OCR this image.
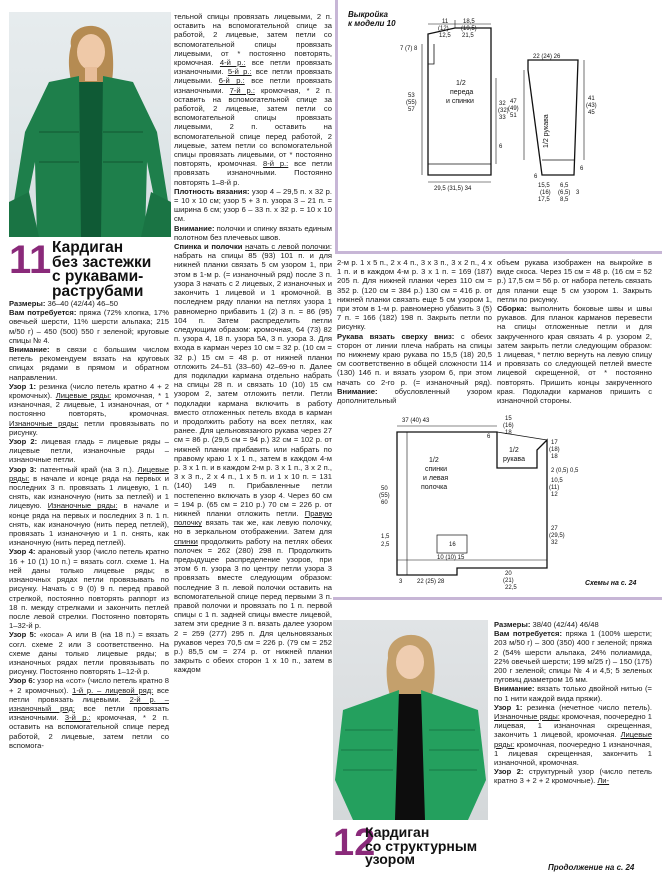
11 Кардиган
без застежки
с рукавами-
раструбами

Размеры: 36–40 (42/44) 46–50

Вам потребуется: пряжа (72% хлопка, 17% овечьей шерсти, 11% шерсти альпака; 215 м/50 г) – 450 (500) 550 г зеленой; круговые спицы № 4.

Внимание: в связи с большим числом петель рекомендуем вязать на круговых спицах рядами в прямом и обратном направлении.

Узор 1: резинка (число петель кратно 4 + 2 кромочных). Лицевые ряды: кромочная, * 1 изнаночная, 2 лицевые, 1 изнаночная, от * постоянно повторять, кромочная. Изнаночные ряды: петли провязывать по рисунку.

Узор 2: лицевая гладь = лицевые ряды – лицевые петли, изнаночные ряды – изнаночные петли.

Узор 3: патентный край (на 3 п.). Лицевые ряды: в начале и конце ряда на первых и последних 3 п. провязать 1 лицевую, 1 п. снять, как изнаночную (нить за петлей) и 1 лицевую. Изнаночные ряды: в начале и конце ряда на первых и последних 3 п. 1 п. снять, как изнаночную (нить перед петлей), провязать 1 изнаночную и 1 п. снять, как изнаночную (нить перед петлей).

Узор 4: арановый узор (число петель кратно 16 + 10 (1) 10 п.) = вязать согл. схеме 1. На ней даны только лицевые ряды; в изнаночных рядах петли провязывать по рисунку. Начать с 9 (0) 9 п. перед правой стрелкой, постоянно повторять раппорт из 18 п. между стрелками и закончить петлей после левой стрелки. Постоянно повторять 1–32-й р.

Узор 5: «коса» А или В (на 18 п.) = вязать согл. схеме 2 или 3 соответственно. На схеме даны только лицевые ряды; в изнаночных рядах петли провязывать по рисунку. Постоянно повторять 1–12-й р.

Узор 6: узор на «сот» (число петель кратно 8 + 2 кромочных). 1-й р. – лицевой ряд: все петли провязать лицевыми. 2-й р. – изнаночный ряд: все петли провязать изнаночными. 3-й р.: кромочная, * 2 п. оставить на вспомогательной спице перед работой, 2 лицевые, затем петли со вспомога-

тельной спицы провязать лицевыми, 2 п. оставить на вспомогательной спице за работой, 2 лицевые, затем петли со вспомогательной спицы провязать лицевыми, от * постоянно повторять, кромочная. 4-й р.: все петли провязать изнаночными. 5-й р.: все петли провязать лицевыми. 6-й р.: все петли провязать изнаночными. 7-й р.: кромочная, * 2 п. оставить на вспомогательной спице за работой, 2 лицевые, затем петли со вспомогательной спицы провязать лицевыми, 2 п. оставить на вспомогательной спице перед работой, 2 лицевые, затем петли со вспомогательной спицы провязать лицевыми, от * постоянно повторять, кромочная. 8-й р.: все петли провязать изнаночными. Постоянно повторять 1–8-й р.

Плотность вязания: узор 4 – 29,5 п. х 32 р. = 10 х 10 см; узор 5 + 3 п. узора 3 – 21 п. = ширина 6 см; узор 6 – 33 п. х 32 р. = 10 х 10 см.

Внимание: полочки и спинку вязать единым полотном без плечевых швов.

Спинка и полочки начать с левой полочки: набрать на спицы 85 (93) 101 п. и для нижней планки связать 5 см узором 1, при этом в 1-м р. (= изнаночный ряд) после 3 п. узора 3 начать с 2 лицевых, 2 изнаночных и закончить 1 лицевой и 1 кромочной. В последнем ряду планки на петлях узора 1 равномерно прибавить 1 (2) 3 п. = 86 (95) 104 п. Затем распределить петли следующим образом: кромочная, 64 (73) 82 п. узора 4, 18 п. узора 5А, 3 п. узора 3. Для входа в карман через 10 см = 32 р. (10 см = 32 р.) 15 см = 48 р. от нижней планки отложить 24–51 (33–60) 42–69-ю п. Далее для подкладки кармана отдельно набрать на спицы 28 п. и связать 10 (10) 15 см узором 2, затем отложить петли. Петли подкладки кармана включить в работу вместо отложенных петель входа в карман и продолжить работу на всех петлях, как ранее. Для цельновязаного рукава через 27 см = 86 р. (29,5 см = 94 р.) 32 см = 102 р. от нижней планки прибавить или набрать по правому краю 1 х 1 п., затем в каждом 4-м р. 3 х 1 п. и в каждом 2-м р. 3 х 1 п., 3 х 2 п., 3 х 3 п., 2 х 4 п., 1 х 5 п. и 1 х 10 п. = 131 (140) 149 п. Прибавленные петли постепенно включать в узор 4. Через 60 см = 194 р. (65 см = 210 р.) 70 см = 226 р. от нижней планки отложить петли. Правую полочку вязать так же, как левую полочку, но в зеркальном отображении. Затем для спинки продолжить работу на петлях обеих полочек = 262 (280) 298 п. Продолжить предыдущее распределение узоров, при этом 6 п. узора 3 по центру петли узора 3 провязать вместе следующим образом: последние 3 п. левой полочки оставить на вспомогательной спице перед первыми 3 п. правой полочки и провязать по 1 п. первой спицы с 1 п. задней спицы вместе лицевой, затем эти средние 3 п. вязать далее узором 2 = 259 (277) 295 п. Для цельновязаных рукавов через 70,5 см = 226 р. (79 см = 252 р.) 85,5 см = 274 р. от нижней планки закрыть с обеих сторон 1 х 10 п., затем в каждом

Выкройка
к модели 10	11
(12)
12,5
18,5
(19,5)
21,5
7 (7) 8
1/2
переда
и спинки
53
(55)
57
32
(32)
33
6
29,5 (31,5) 34
22 (24) 26
1/2 рукава
47
(49)
51
41
(43)
45
6
6
15,5
(16)
17,5
6,5
(6,5)
8,5
3

2-м р. 1 х 5 п., 2 х 4 п., 3 х 3 п., 3 х 2 п., 4 х 1 п. и в каждом 4-м р. 3 х 1 п. = 169 (187) 205 п. Для нижней планки через 110 см = 352 р. (120 см = 384 р.) 130 см = 416 р. от нижней планки связать еще 5 см узором 1, при этом в 1-м р. равномерно убавить 3 (5) 7 п. = 166 (182) 198 п. Закрыть петли по рисунку.

Рукава вязать сверху вниз: с обеих сторон от линии плеча набрать на спицы по нижнему краю рукава по 15,5 (18) 20,5 см соответственно в общей сложности 114 (130) 146 п. и вязать узором 6, при этом начать со 2-го р. (= изнаночный ряд). Внимание: обусловленный узором дополнительный

объем рукава изображен на выкройке в виде скоса. Через 15 см = 48 р. (16 см = 52 р.) 17,5 см = 56 р. от набора петель связать для планки еще 5 см узором 1. Закрыть петли по рисунку.

Сборка: выполнить боковые швы и швы рукавов. Для планок карманов перевести на спицы отложенные петли и для закрученного края связать 4 р. узором 2, затем закрыть петли следующим образом: 1 лицевая, * петлю вернуть на левую спицу и провязать со следующей петлей вместе лицевой скрещенной, от * постоянно повторять. Пришить концы закрученного края. Подкладки карманов пришить с изнаночной стороны.

37 (40) 43	15
(16)
18
6
1/2
спинки
и левая
полочка
1/2
рукава
17
(18)
18
2 (0,5) 0,5
10,5
(11)
12
27
(29,5)
32
50
(55)
60
1,5
2,5	16
10 (10) 15
3 22 (25) 28
20
(21)
22,5
Схемы на с. 24
12
Кардиган
со структурным
узором

Размеры: 38/40 (42/44) 46/48

Вам потребуется: пряжа 1 (100% шерсти; 203 м/50 г) – 300 (350) 400 г зеленой; пряжа 2 (54% шерсти альпака, 24% полиамида, 22% овечьей шерсти; 199 м/25 г) – 150 (175) 200 г зеленой; спицы № 4 и 4,5; 5 зеленых пуговиц диаметром 16 мм.

Внимание: вязать только двойной нитью (= по 1 нити каждой вида пряжи).

Узор 1: резинка (нечетное число петель). Изнаночные ряды: кромочная, поочередно 1 лицевая, 1 изнаночная скрещенная, закончить 1 лицевой, кромочная. Лицевые ряды: кромочная, поочередно 1 изнаночная, 1 лицевая скрещенная, закончить 1 изнаночной, кромочная.

Узор 2: структурный узор (число петель кратно 3 + 2 + 2 кромочные). Ли-

Продолжение на с. 24
